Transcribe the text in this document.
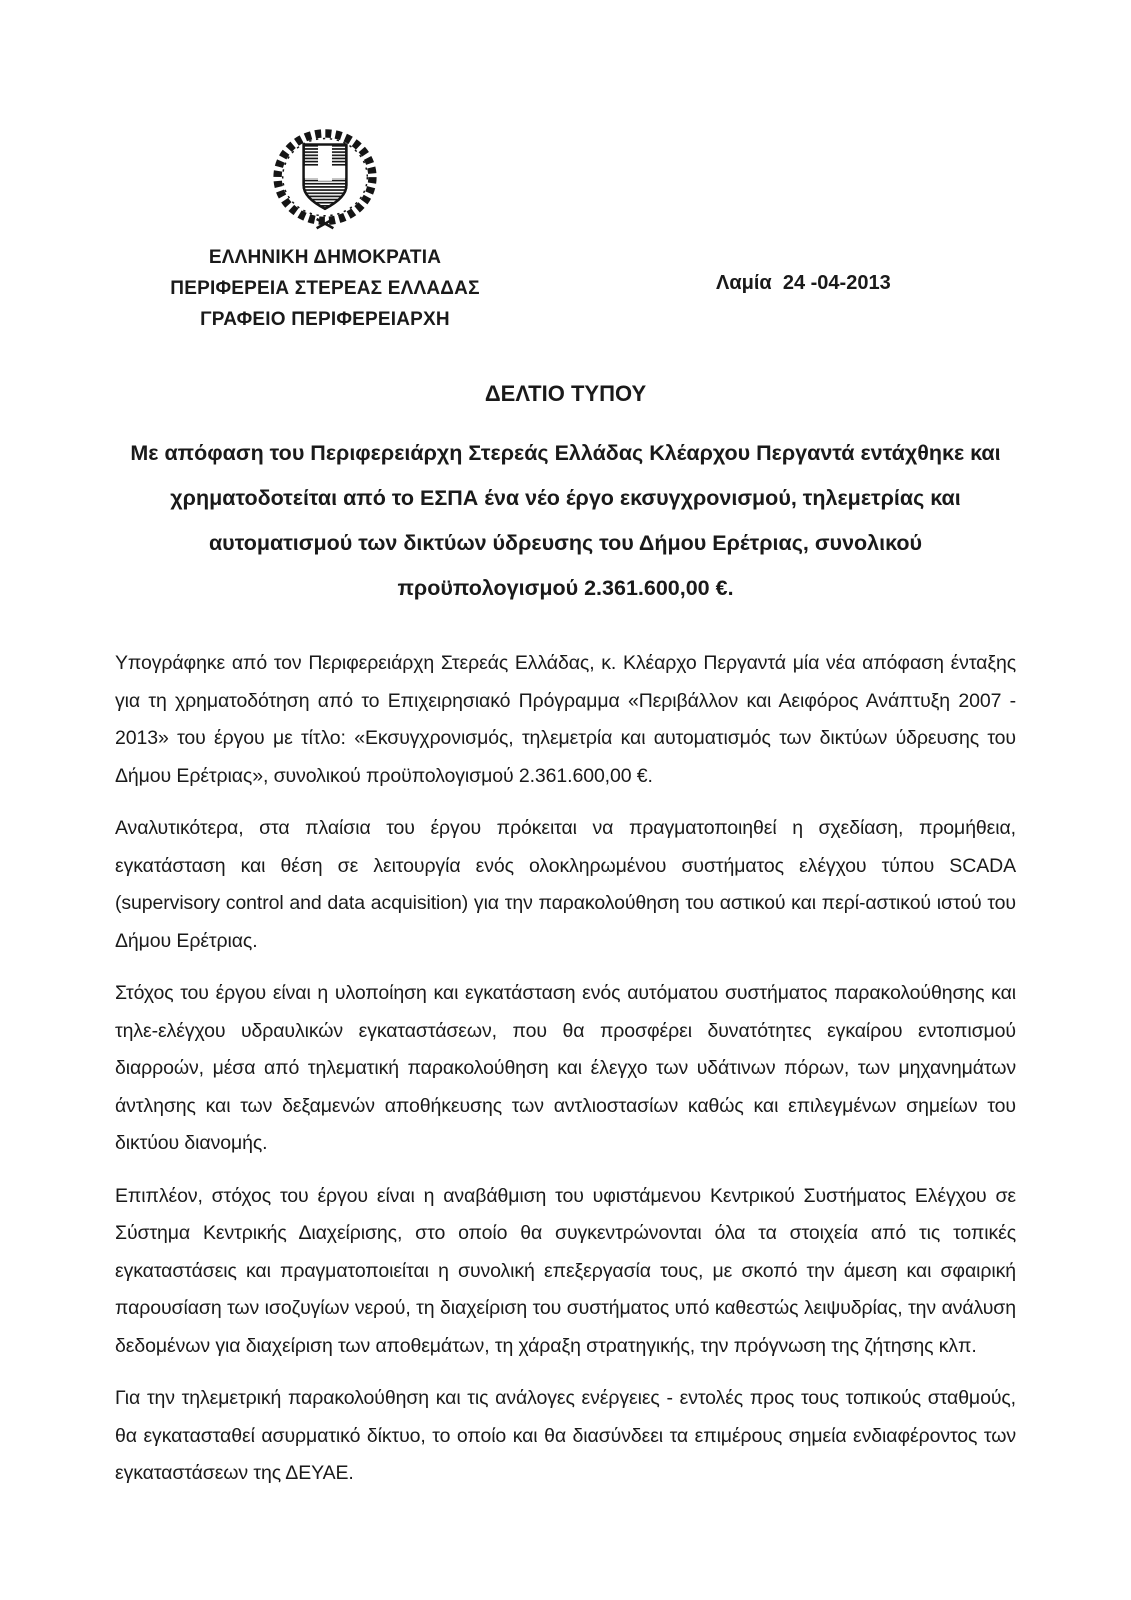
ΕΛΛΗΝΙΚΗ ΔΗΜΟΚΡΑΤΙΑ
ΠΕΡΙΦΕΡΕΙΑ ΣΤΕΡΕΑΣ ΕΛΛΑΔΑΣ
ΓΡΑΦΕΙΟ ΠΕΡΙΦΕΡΕΙΑΡΧΗ
Λαμία  24 -04-2013
ΔΕΛΤΙΟ ΤΥΠΟΥ

Με απόφαση του Περιφερειάρχη Στερεάς Ελλάδας Κλέαρχου Περγαντά εντάχθηκε και χρηματοδοτείται από το ΕΣΠΑ ένα νέο έργο εκσυγχρονισμού, τηλεμετρίας και αυτοματισμού των δικτύων ύδρευσης του Δήμου Ερέτριας, συνολικού προϋπολογισμού 2.361.600,00 €.

Υπογράφηκε από τον Περιφερειάρχη Στερεάς Ελλάδας, κ. Κλέαρχο Περγαντά μία νέα απόφαση ένταξης για τη χρηματοδότηση από το Επιχειρησιακό Πρόγραμμα «Περιβάλλον και Αειφόρος Ανάπτυξη 2007 - 2013» του έργου με τίτλο: «Εκσυγχρονισμός, τηλεμετρία και αυτοματισμός των δικτύων ύδρευσης του Δήμου Ερέτριας», συνολικού προϋπολογισμού 2.361.600,00 €.

Αναλυτικότερα, στα πλαίσια του έργου πρόκειται να πραγματοποιηθεί η σχεδίαση, προμήθεια, εγκατάσταση και θέση σε λειτουργία ενός ολοκληρωμένου συστήματος ελέγχου τύπου SCADA (supervisory control and data acquisition) για την παρακολούθηση του αστικού και περί-αστικού ιστού του Δήμου Ερέτριας.

Στόχος του έργου είναι η υλοποίηση και εγκατάσταση ενός αυτόματου συστήματος παρακολούθησης και τηλε-ελέγχου υδραυλικών εγκαταστάσεων, που θα προσφέρει δυνατότητες εγκαίρου εντοπισμού διαρροών, μέσα από τηλεματική παρακολούθηση και έλεγχο των υδάτινων πόρων, των μηχανημάτων άντλησης και των δεξαμενών αποθήκευσης των αντλιοστασίων καθώς και επιλεγμένων σημείων του δικτύου διανομής.

Επιπλέον, στόχος του έργου είναι η αναβάθμιση του υφιστάμενου Κεντρικού Συστήματος Ελέγχου σε Σύστημα Κεντρικής Διαχείρισης, στο οποίο θα συγκεντρώνονται όλα τα στοιχεία από τις τοπικές εγκαταστάσεις και πραγματοποιείται η συνολική επεξεργασία τους, με σκοπό την άμεση και σφαιρική παρουσίαση των ισοζυγίων νερού, τη διαχείριση του συστήματος υπό καθεστώς λειψυδρίας, την ανάλυση δεδομένων για διαχείριση των αποθεμάτων, τη χάραξη στρατηγικής, την πρόγνωση της ζήτησης κλπ.

Για την τηλεμετρική παρακολούθηση και τις ανάλογες ενέργειες - εντολές προς τους τοπικούς σταθμούς, θα εγκατασταθεί ασυρματικό δίκτυο, το οποίο και θα διασύνδεει τα επιμέρους σημεία ενδιαφέροντος των εγκαταστάσεων της ΔΕΥΑΕ.
